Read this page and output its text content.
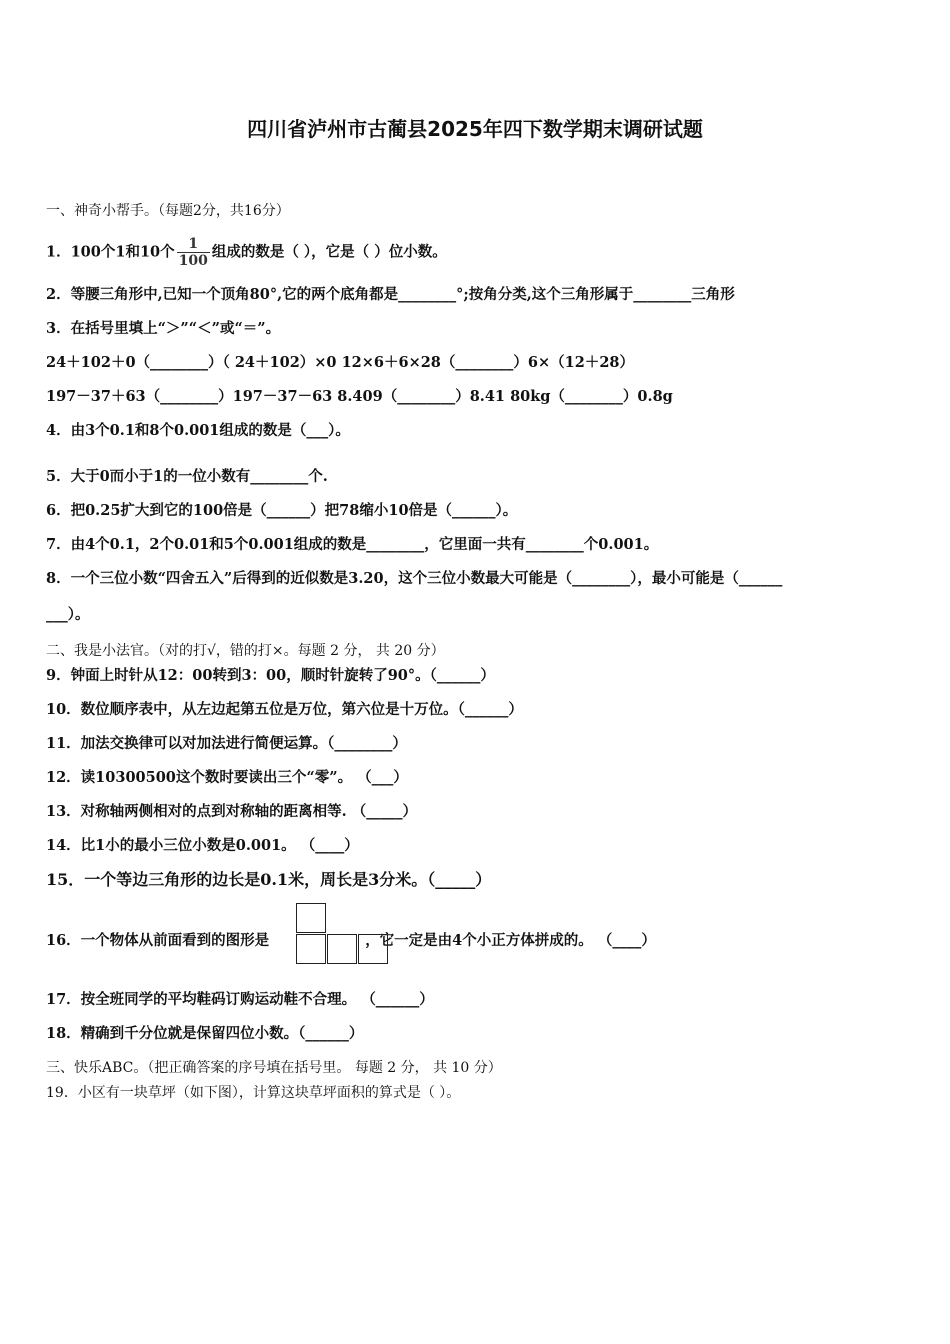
四川省泸州市古蔺县2025年四下数学期末调研试题
一、神奇小帮手。（每题2分，共16分）
1．100个1和10个 $\frac{1}{100}$ 组成的数是（ ），它是（ ）位小数。
2．等腰三角形中,已知一个顶角80°,它的两个底角都是________°;按角分类,这个三角形属于________三角形
3．在括号里填上“＞”“＜”或“＝”。
24＋102＋0（________）（ 24＋102）×0 12×6＋6×28（________）6×（12＋28）
197－37＋63（________）197－37－63 8.409（________）8.41 80kg（________）0.8g
4．由3个0.1和8个0.001组成的数是（___）。
5．大于0而小于1的一位小数有________个.
6．把0.25扩大到它的100倍是（______）把78缩小10倍是（______）。
7．由4个0.1，2个0.01和5个0.001组成的数是________，它里面一共有________个0.001。
8．一个三位小数“四舍五入”后得到的近似数是3.20，这个三位小数最大可能是（________），最小可能是（______
___）。
二、我是小法官。（对的打√，错的打×。每题 2 分， 共 20 分）
9．钟面上时针从12：00转到3：00，顺时针旋转了90°。（______）
10．数位顺序表中，从左边起第五位是万位，第六位是十万位。（______）
11．加法交换律可以对加法进行简便运算。（________）
12．读10300500这个数时要读出三个“零”。 （___）
13．对称轴两侧相对的点到对称轴的距离相等. （_____）
14．比1小的最小三位小数是0.001。 （____）
15．一个等边三角形的边长是0.1米，周长是3分米。（_____）
16．一个物体从前面看到的图形是	，它一定是由4个小正方体拼成的。 （____）
17．按全班同学的平均鞋码订购运动鞋不合理。 （______）
18．精确到千分位就是保留四位小数。（______）
三、快乐ABC。（把正确答案的序号填在括号里。 每题 2 分， 共 10 分）
19．小区有一块草坪（如下图），计算这块草坪面积的算式是（ ）。
